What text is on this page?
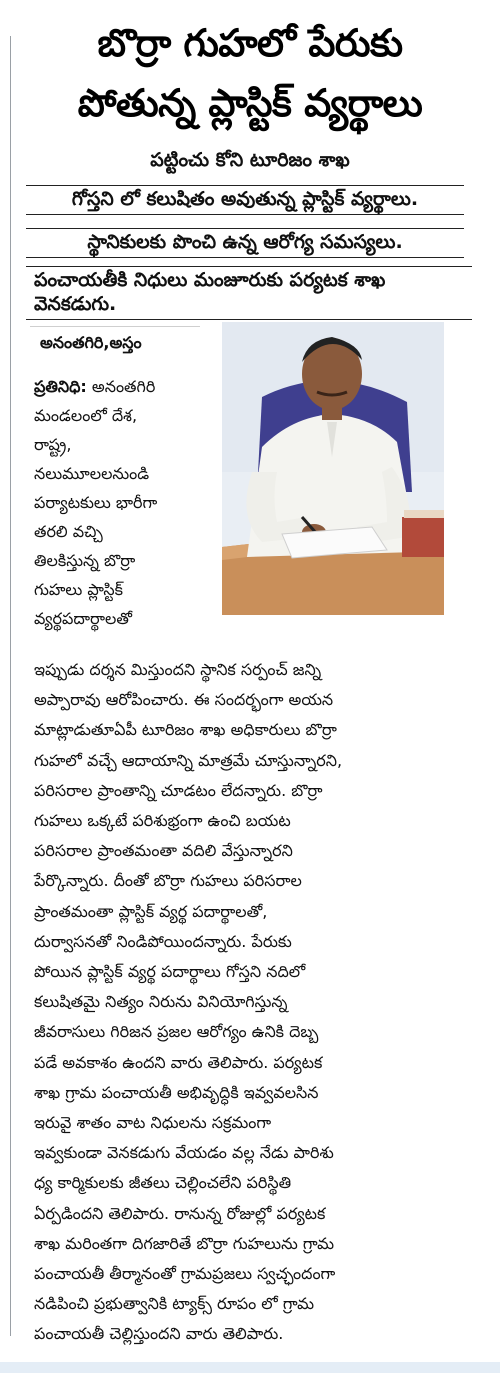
బొర్రా గుహలో పేరుకు
పోతున్న ప్లాస్టిక్ వ్యర్థాలు
పట్టించు కోని టూరిజం శాఖ
గోస్తని లో కలుషితం అవుతున్న ప్లాస్టిక్ వ్యర్థాలు.
స్థానికులకు పొంచి ఉన్న ఆరోగ్య సమస్యలు.
పంచాయతీకి నిధులు మంజూరుకు పర్యటక శాఖ
వెనకడుగు.
అనంతగిరి,అస్తం
ప్రతినిధి: అనంతగిరి
మండలంలో దేశ,
రాష్ట్ర,
నలుమూలలనుండి
పర్యాటకులు భారీగా
తరలి వచ్చి
తిలకిస్తున్న బొర్రా
గుహలు ప్లాస్టిక్
వ్యర్థపదార్థాలతో
ఇప్పుడు దర్శన మిస్తుందని స్థానిక సర్పంచ్ జన్ని
అప్పారావు ఆరోపించారు. ఈ సందర్భంగా అయన
మాట్లాడుతూఏపీ టూరిజం శాఖ అధికారులు బొర్రా
గుహలో వచ్చే ఆదాయాన్ని మాత్రమే చూస్తున్నారని,
పరిసరాల ప్రాంతాన్ని చూడటం లేదన్నారు. బొర్రా
గుహలు ఒక్కటే పరిశుభ్రంగా ఉంచి బయట
పరిసరాల ప్రాంతమంతా వదిలి వేస్తున్నారని
పేర్కొన్నారు. దీంతో బొర్రా గుహలు పరిసరాల
ప్రాంతమంతా ప్లాస్టిక్ వ్యర్థ పదార్థాలతో,
దుర్వాసనతో నిండిపోయిందన్నారు. పేరుకు
పోయిన ప్లాస్టిక్ వ్యర్థ పదార్థాలు గోస్తని నదిలో
కలుషితమై నిత్యం నిరును వినియోగిస్తున్న
జీవరాసులు గిరిజన ప్రజల ఆరోగ్యం ఉనికి దెబ్బ
పడే అవకాశం ఉందని వారు తెలిపారు. పర్యటక
శాఖ గ్రామ పంచాయతీ అభివృద్ధికి ఇవ్వవలసిన
ఇరువై శాతం వాట నిధులను సక్రమంగా
ఇవ్వకుండా వెనకడుగు వేయడం వల్ల నేడు పారిశు
ధ్య కార్మికులకు జీతలు చెల్లించలేని పరిస్థితి
ఏర్పడిందని తెలిపారు. రానున్న రోజుల్లో పర్యటక
శాఖ మరింతగా దిగజారితే బొర్రా గుహలును గ్రామ
పంచాయతీ తీర్మానంతో గ్రామప్రజలు స్వచ్ఛందంగా
నడిపించి ప్రభుత్వానికి ట్యాక్స్ రూపం లో గ్రామ
పంచాయతీ చెల్లిస్తుందని వారు తెలిపారు.
